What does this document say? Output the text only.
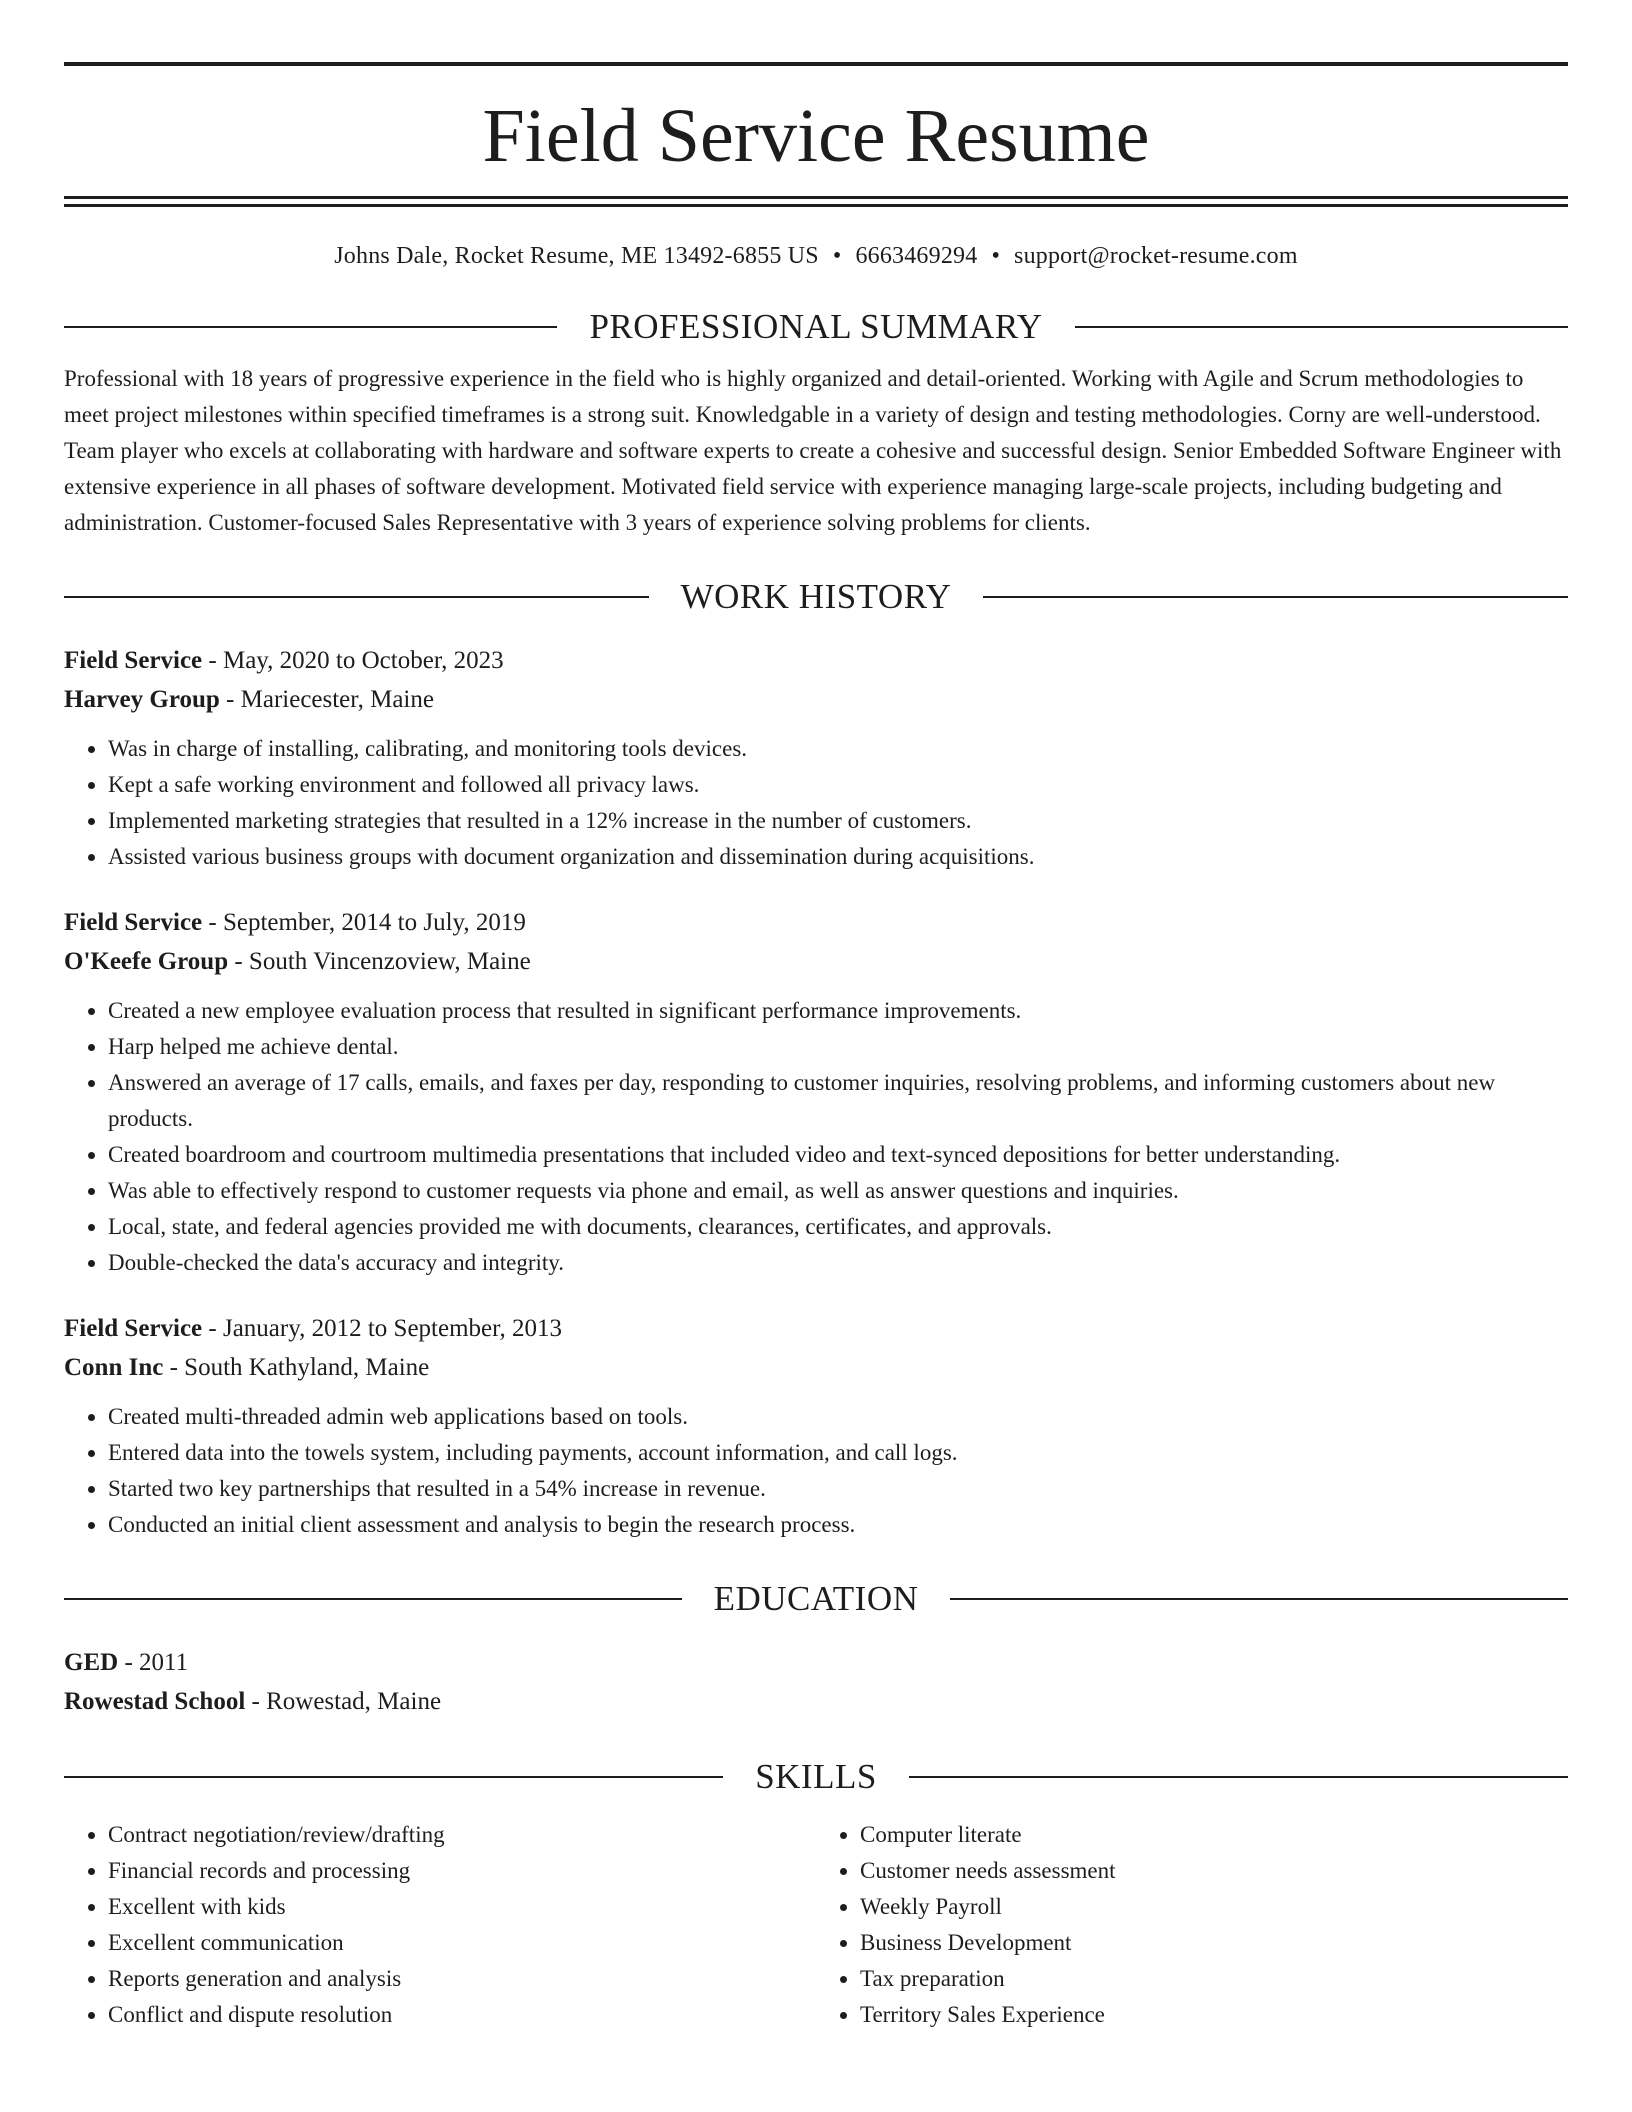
Field Service Resume
Johns Dale, Rocket Resume, ME 13492-6855 US • 6663469294 • support@rocket-resume.com
PROFESSIONAL SUMMARY

Professional with 18 years of progressive experience in the field who is highly organized and detail-oriented. Working with Agile and Scrum methodologies to meet project milestones within specified timeframes is a strong suit. Knowledgable in a variety of design and testing methodologies. Corny are well-understood. Team player who excels at collaborating with hardware and software experts to create a cohesive and successful design. Senior Embedded Software Engineer with extensive experience in all phases of software development. Motivated field service with experience managing large-scale projects, including budgeting and administration. Customer-focused Sales Representative with 3 years of experience solving problems for clients.

WORK HISTORY
Field Service - May, 2020 to October, 2023
Harvey Group - Mariecester, Maine
• Was in charge of installing, calibrating, and monitoring tools devices.
• Kept a safe working environment and followed all privacy laws.
• Implemented marketing strategies that resulted in a 12% increase in the number of customers.
• Assisted various business groups with document organization and dissemination during acquisitions.
Field Service - September, 2014 to July, 2019
O'Keefe Group - South Vincenzoview, Maine
• Created a new employee evaluation process that resulted in significant performance improvements.
• Harp helped me achieve dental.
• Answered an average of 17 calls, emails, and faxes per day, responding to customer inquiries, resolving problems, and informing customers about new products.
• Created boardroom and courtroom multimedia presentations that included video and text-synced depositions for better understanding.
• Was able to effectively respond to customer requests via phone and email, as well as answer questions and inquiries.
• Local, state, and federal agencies provided me with documents, clearances, certificates, and approvals.
• Double-checked the data's accuracy and integrity.
Field Service - January, 2012 to September, 2013
Conn Inc - South Kathyland, Maine
• Created multi-threaded admin web applications based on tools.
• Entered data into the towels system, including payments, account information, and call logs.
• Started two key partnerships that resulted in a 54% increase in revenue.
• Conducted an initial client assessment and analysis to begin the research process.
EDUCATION
GED - 2011
Rowestad School - Rowestad, Maine
SKILLS
• Contract negotiation/review/drafting
• Financial records and processing
• Excellent with kids
• Excellent communication
• Reports generation and analysis
• Conflict and dispute resolution
• Computer literate
• Customer needs assessment
• Weekly Payroll
• Business Development
• Tax preparation
• Territory Sales Experience
